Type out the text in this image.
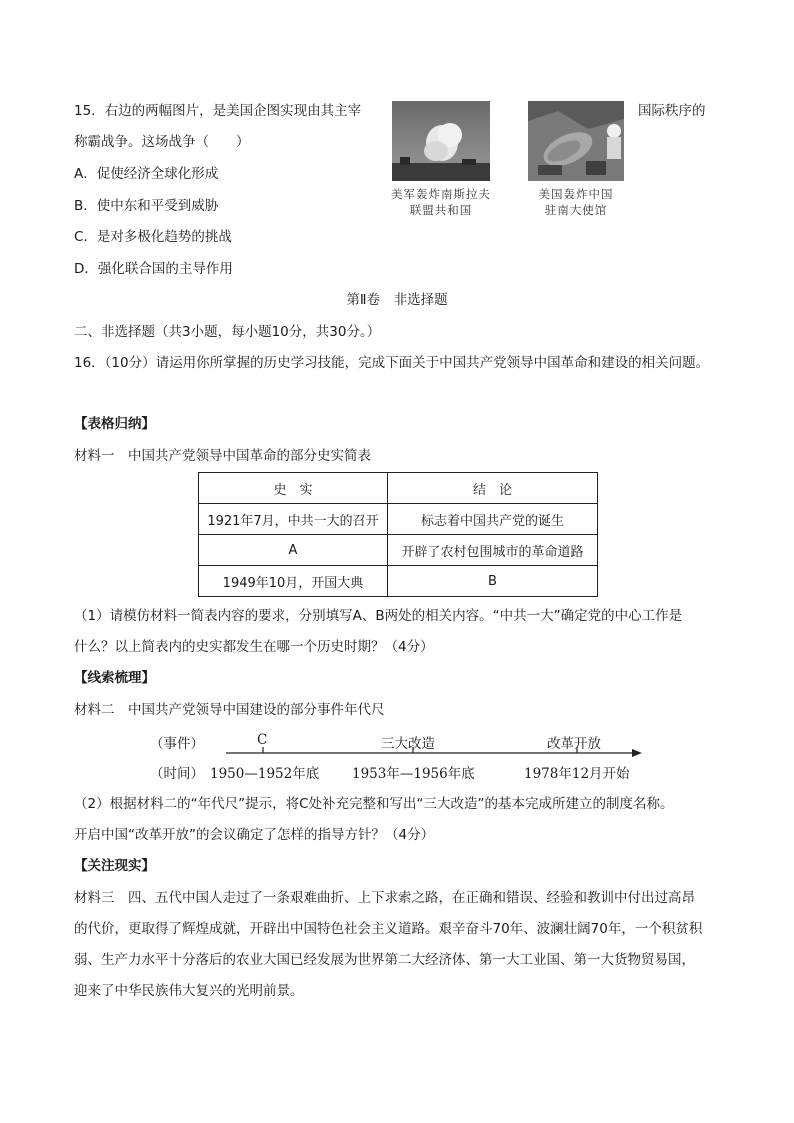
15．右边的两幅图片，是美国企图实现由其主宰	国际秩序的
称霸战争。这场战争（　　）
A．促使经济全球化形成
B．使中东和平受到威胁
C．是对多极化趋势的挑战
D．强化联合国的主导作用
美军轰炸南斯拉夫
联盟共和国
美国轰炸中国
驻南大使馆
第Ⅱ卷　非选择题
二、非选择题（共3小题，每小题10分，共30分。）
16．（10分）请运用你所掌握的历史学习技能，完成下面关于中国共产党领导中国革命和建设的相关问题。
【表格归纳】
材料一　中国共产党领导中国革命的部分史实简表
史　实	结　论
1921年7月，中共一大的召开	标志着中国共产党的诞生
A	开辟了农村包围城市的革命道路
1949年10月，开国大典	B
（1）请模仿材料一简表内容的要求，分别填写A、B两处的相关内容。“中共一大”确定党的中心工作是
什么？以上简表内的史实都发生在哪一个历史时期？（4分）
【线索梳理】
材料二　中国共产党领导中国建设的部分事件年代尺
（事件）
（时间）
C	三大改造	改革开放
1950—1952年底 1953年—1956年底	1978年12月开始
（2）根据材料二的“年代尺”提示，将C处补充完整和写出“三大改造”的基本完成所建立的制度名称。
开启中国“改革开放”的会议确定了怎样的指导方针？（4分）
【关注现实】
材料三　四、五代中国人走过了一条艰难曲折、上下求索之路，在正确和错误、经验和教训中付出过高昂
的代价，更取得了辉煌成就，开辟出中国特色社会主义道路。艰辛奋斗70年、波澜壮阔70年，一个积贫积
弱、生产力水平十分落后的农业大国已经发展为世界第二大经济体、第一大工业国、第一大货物贸易国，
迎来了中华民族伟大复兴的光明前景。
